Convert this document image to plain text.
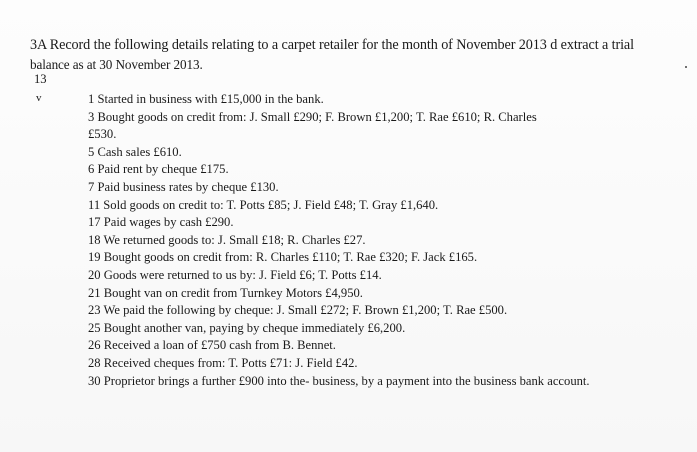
3A Record the following details relating to a carpet retailer for the month of November 2013 d extract a trial
balance as at 30 November 2013.
13
v	1 Started in business with £15,000 in the bank.
3 Bought goods on credit from: J. Small £290; F. Brown £1,200; T. Rae £610; R. Charles
£530.
5 Cash sales £610.
6 Paid rent by cheque £175.
7 Paid business rates by cheque £130.
11 Sold goods on credit to: T. Potts £85; J. Field £48; T. Gray £1,640.
17 Paid wages by cash £290.
18 We returned goods to: J. Small £18; R. Charles £27.
19 Bought goods on credit from: R. Charles £110; T. Rae £320; F. Jack £165.
20 Goods were returned to us by: J. Field £6; T. Potts £14.
21 Bought van on credit from Turnkey Motors £4,950.
23 We paid the following by cheque: J. Small £272; F. Brown £1,200; T. Rae £500.
25 Bought another van, paying by cheque immediately £6,200.
26 Received a loan of £750 cash from B. Bennet.
28 Received cheques from: T. Potts £71: J. Field £42.
30 Proprietor brings a further £900 into the- business, by a payment into the business bank account.
